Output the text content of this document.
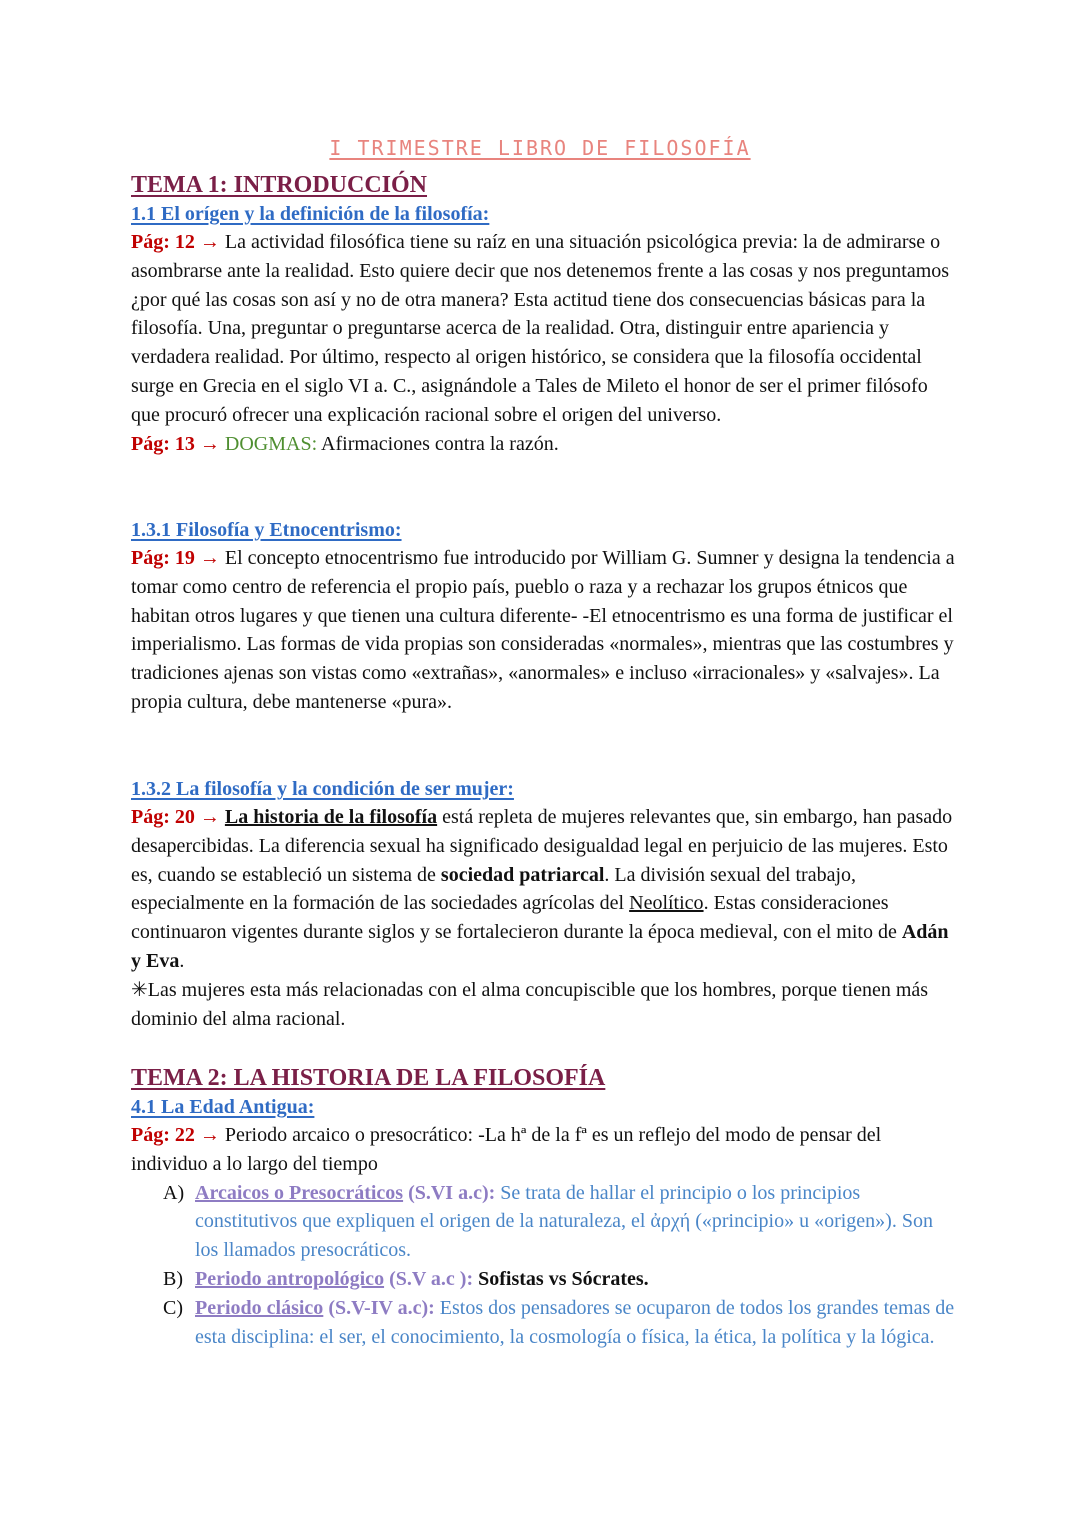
I TRIMESTRE LIBRO DE FILOSOFÍA
TEMA 1: INTRODUCCIÓN
1.1 El orígen y la definición de la filosofía:

Pág: 12 → La actividad filosófica tiene su raíz en una situación psicológica previa: la de admirarse o asombrarse ante la realidad. Esto quiere decir que nos detenemos frente a las cosas y nos preguntamos ¿por qué las cosas son así y no de otra manera? Esta actitud tiene dos consecuencias básicas para la filosofía. Una, preguntar o preguntarse acerca de la realidad. Otra, distinguir entre apariencia y verdadera realidad. Por último, respecto al origen histórico, se considera que la filosofía occidental surge en Grecia en el siglo VI a. C., asignándole a Tales de Mileto el honor de ser el primer filósofo que procuró ofrecer una explicación racional sobre el origen del universo.

Pág: 13 → DOGMAS: Afirmaciones contra la razón.

1.3.1 Filosofía y Etnocentrismo:

Pág: 19 → El concepto etnocentrismo fue introducido por William G. Sumner y designa la tendencia a tomar como centro de referencia el propio país, pueblo o raza y a rechazar los grupos étnicos que habitan otros lugares y que tienen una cultura diferente- -El etnocentrismo es una forma de justificar el imperialismo. Las formas de vida propias son consideradas «normales», mientras que las costumbres y tradiciones ajenas son vistas como «extrañas», «anormales» e incluso «irracionales» y «salvajes». La propia cultura, debe mantenerse «pura».

1.3.2 La filosofía y la condición de ser mujer:

Pág: 20 → La historia de la filosofía está repleta de mujeres relevantes que, sin embargo, han pasado desapercibidas. La diferencia sexual ha significado desigualdad legal en perjuicio de las mujeres. Esto es, cuando se estableció un sistema de sociedad patriarcal. La división sexual del trabajo, especialmente en la formación de las sociedades agrícolas del Neolítico. Estas consideraciones continuaron vigentes durante siglos y se fortalecieron durante la época medieval, con el mito de Adán y Eva.

✳Las mujeres esta más relacionadas con el alma concupiscible que los hombres, porque tienen más dominio del alma racional.

TEMA 2: LA HISTORIA DE LA FILOSOFÍA
4.1 La Edad Antigua:

Pág: 22 → Periodo arcaico o presocrático: -La hª de la fª es un reflejo del modo de pensar del individuo a lo largo del tiempo

A) Arcaicos o Presocráticos (S.VI a.c): Se trata de hallar el principio o los principios constitutivos que expliquen el origen de la naturaleza, el ἀρχή («principio» u «origen»). Son los llamados presocráticos.
B) Periodo antropológico (S.V a.c ): Sofistas vs Sócrates.
C) Periodo clásico (S.V-IV a.c): Estos dos pensadores se ocuparon de todos los grandes temas de esta disciplina: el ser, el conocimiento, la cosmología o física, la ética, la política y la lógica.
